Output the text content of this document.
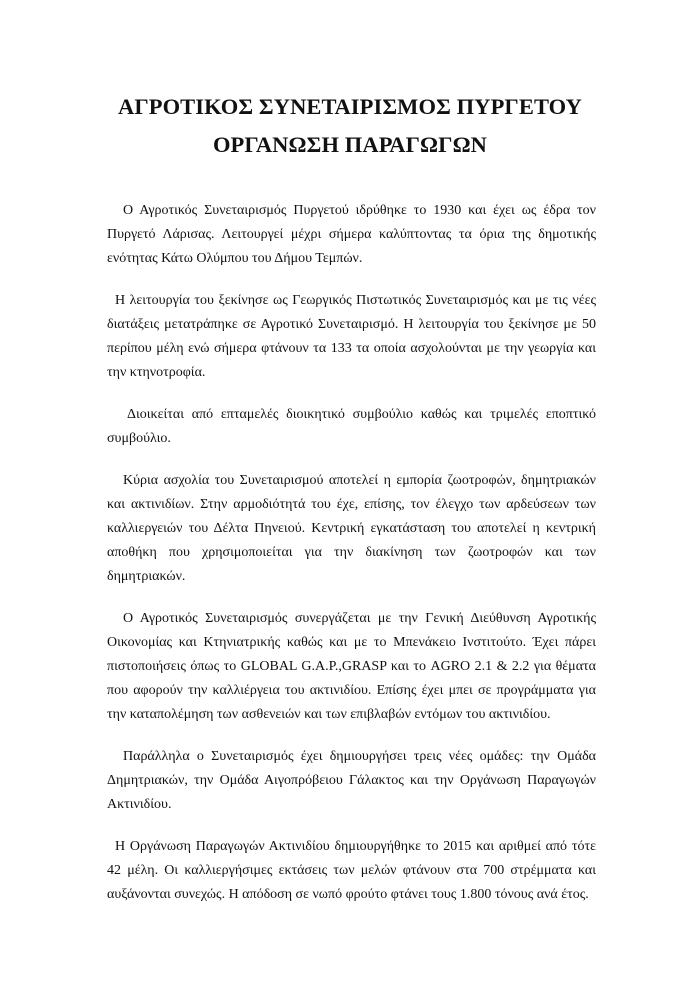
ΑΓΡΟΤΙΚΟΣ ΣΥΝΕΤΑΙΡΙΣΜΟΣ ΠΥΡΓΕΤΟΥ
ΟΡΓΑΝΩΣΗ ΠΑΡΑΓΩΓΩΝ

Ο Αγροτικός Συνεταιρισμός Πυργετού ιδρύθηκε το 1930 και έχει ως έδρα τον
Πυργετό Λάρισας. Λειτουργεί μέχρι σήμερα καλύπτοντας τα όρια της δημοτικής
ενότητας Κάτω Ολύμπου του Δήμου Τεμπών.

Η λειτουργία του ξεκίνησε ως Γεωργικός Πιστωτικός Συνεταιρισμός και με τις νέες
διατάξεις μετατράπηκε σε Αγροτικό Συνεταιρισμό. Η λειτουργία του ξεκίνησε με 50
περίπου μέλη ενώ σήμερα φτάνουν τα 133 τα οποία ασχολούνται με την γεωργία και
την κτηνοτροφία.

Διοικείται από επταμελές διοικητικό συμβούλιο καθώς και τριμελές εποπτικό
συμβούλιο.

Κύρια ασχολία του Συνεταιρισμού αποτελεί η εμπορία ζωοτροφών, δημητριακών
και ακτινιδίων. Στην αρμοδιότητά του έχε, επίσης, τον έλεγχο των αρδεύσεων των
καλλιεργειών του Δέλτα Πηνειού. Κεντρική εγκατάσταση του αποτελεί η κεντρική
αποθήκη που χρησιμοποιείται για την διακίνηση των ζωοτροφών και των
δημητριακών.

Ο Αγροτικός Συνεταιρισμός συνεργάζεται με την Γενική Διεύθυνση Αγροτικής
Οικονομίας και Κτηνιατρικής καθώς και με το Μπενάκειο Ινστιτούτο. Έχει πάρει
πιστοποιήσεις όπως το GLOBAL G.A.P.,GRASP και το AGRO 2.1 & 2.2 για θέματα
που αφορούν την καλλιέργεια του ακτινιδίου. Επίσης έχει μπει σε προγράμματα για
την καταπολέμηση των ασθενειών και των επιβλαβών εντόμων του ακτινιδίου.

Παράλληλα ο Συνεταιρισμός έχει δημιουργήσει τρεις νέες ομάδες: την Ομάδα
Δημητριακών, την Ομάδα Αιγοπρόβειου Γάλακτος και την Οργάνωση Παραγωγών
Ακτινιδίου.

Η Οργάνωση Παραγωγών Ακτινιδίου δημιουργήθηκε το 2015 και αριθμεί από τότε
42 μέλη. Οι καλλιεργήσιμες εκτάσεις των μελών φτάνουν στα 700 στρέμματα και
αυξάνονται συνεχώς. Η απόδοση σε νωπό φρούτο φτάνει τους 1.800 τόνους ανά έτος.
